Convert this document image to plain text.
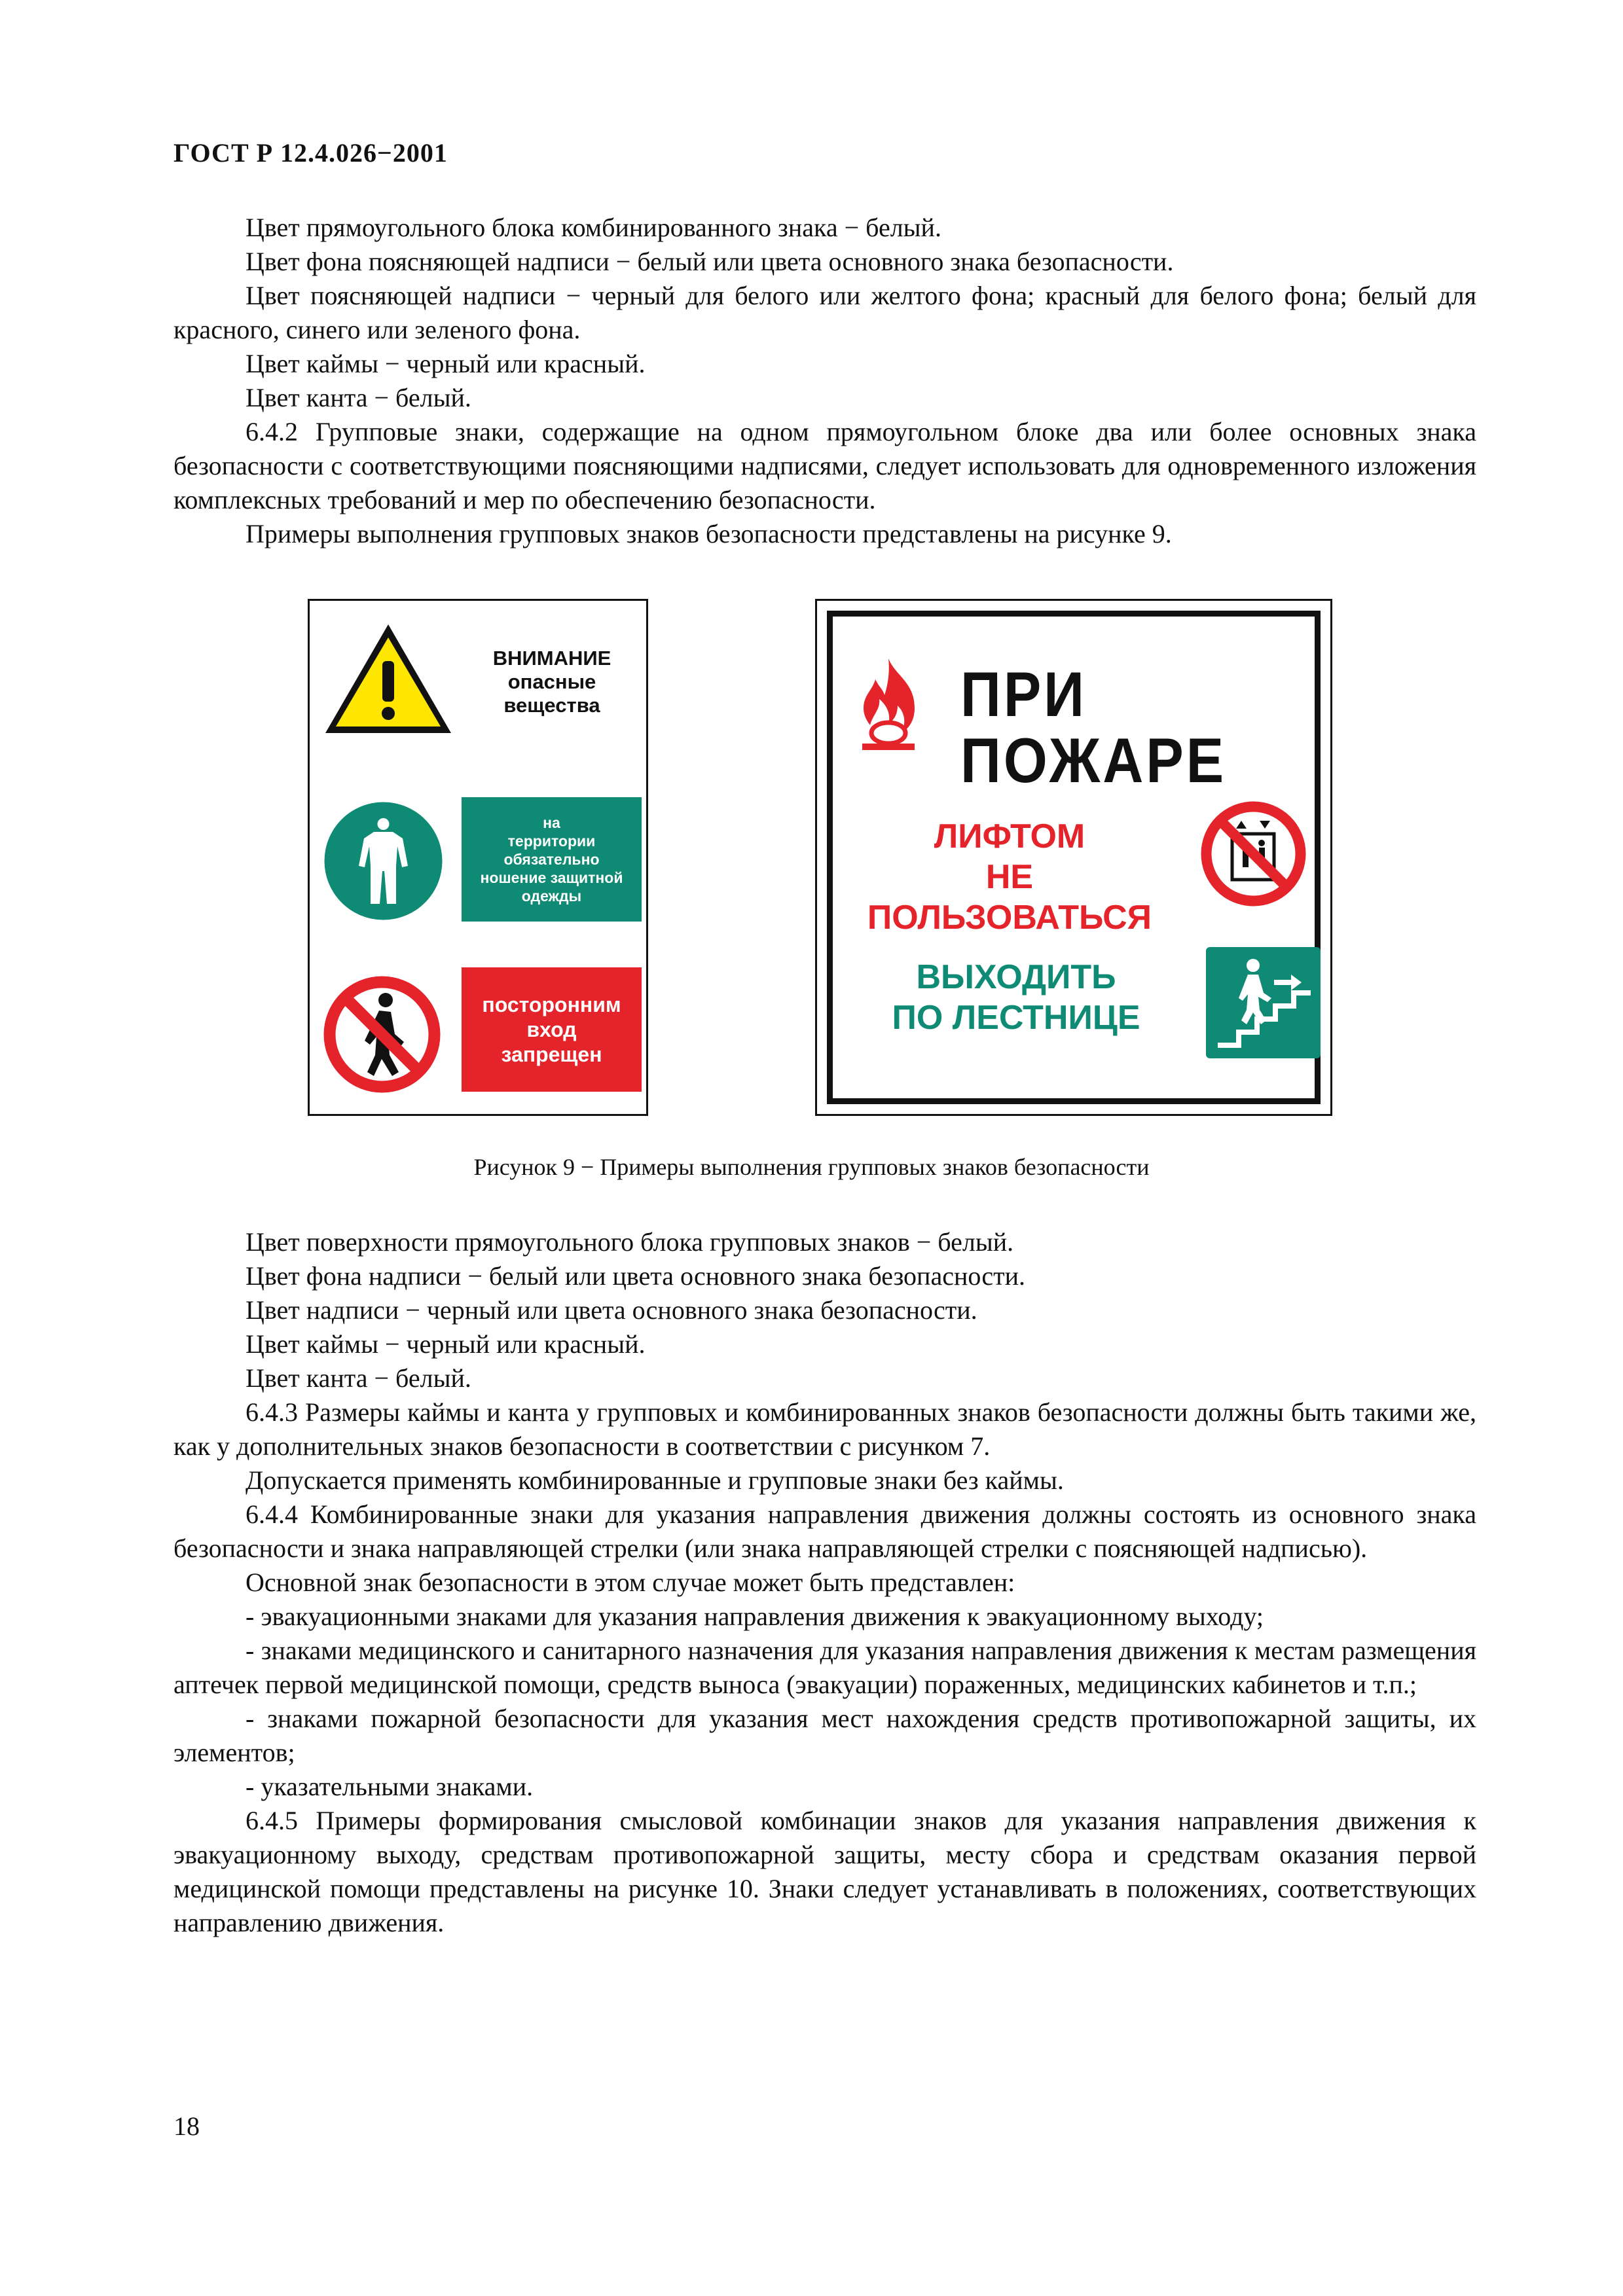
ГОСТ Р 12.4.026−2001

Цвет прямоугольного блока комбинированного знака − белый.

Цвет фона поясняющей надписи − белый или цвета основного знака безопасности.

Цвет поясняющей надписи − черный для белого или желтого фона; красный для белого фона; белый для красного, синего или зеленого фона.

Цвет каймы − черный или красный.

Цвет канта − белый.

6.4.2 Групповые знаки, содержащие на одном прямоугольном блоке два или более основных знака безопасности с соответствующими поясняющими надписями, следует использовать для одновременного изложения комплексных требований и мер по обеспечению безопасности.

Примеры выполнения групповых знаков безопасности представлены на рисунке 9.

ВНИМАНИЕ
опасные
вещества
на
территории
обязательно
ношение защитной
одежды
посторонним
вход
запрещен
ПРИ ПОЖАРЕ
ЛИФТОМ
НЕ ПОЛЬЗОВАТЬСЯ
ВЫХОДИТЬ
ПО ЛЕСТНИЦЕ
Рисунок 9 − Примеры выполнения групповых знаков безопасности

Цвет поверхности прямоугольного блока групповых знаков − белый.

Цвет фона надписи − белый или цвета основного знака безопасности.

Цвет надписи − черный или цвета основного знака безопасности.

Цвет каймы − черный или красный.

Цвет канта − белый.

6.4.3 Размеры каймы и канта у групповых и комбинированных знаков безопасности должны быть такими же, как у дополнительных знаков безопасности в соответствии с рисунком 7.

Допускается применять комбинированные и групповые знаки без каймы.

6.4.4 Комбинированные знаки для указания направления движения должны состоять из основного знака безопасности и знака направляющей стрелки (или знака направляющей стрелки с поясняющей надписью).

Основной знак безопасности в этом случае может быть представлен:

- эвакуационными знаками для указания направления движения к эвакуационному выходу;

- знаками медицинского и санитарного назначения для указания направления движения к местам размещения аптечек первой медицинской помощи, средств выноса (эвакуации) пораженных, медицинских кабинетов и т.п.;

- знаками пожарной безопасности для указания мест нахождения средств противопожарной защиты, их элементов;

- указательными знаками.

6.4.5 Примеры формирования смысловой комбинации знаков для указания направления движения к эвакуационному выходу, средствам противопожарной защиты, месту сбора и средствам оказания первой медицинской помощи представлены на рисунке 10. Знаки следует устанавливать в положениях, соответствующих направлению движения.

18
